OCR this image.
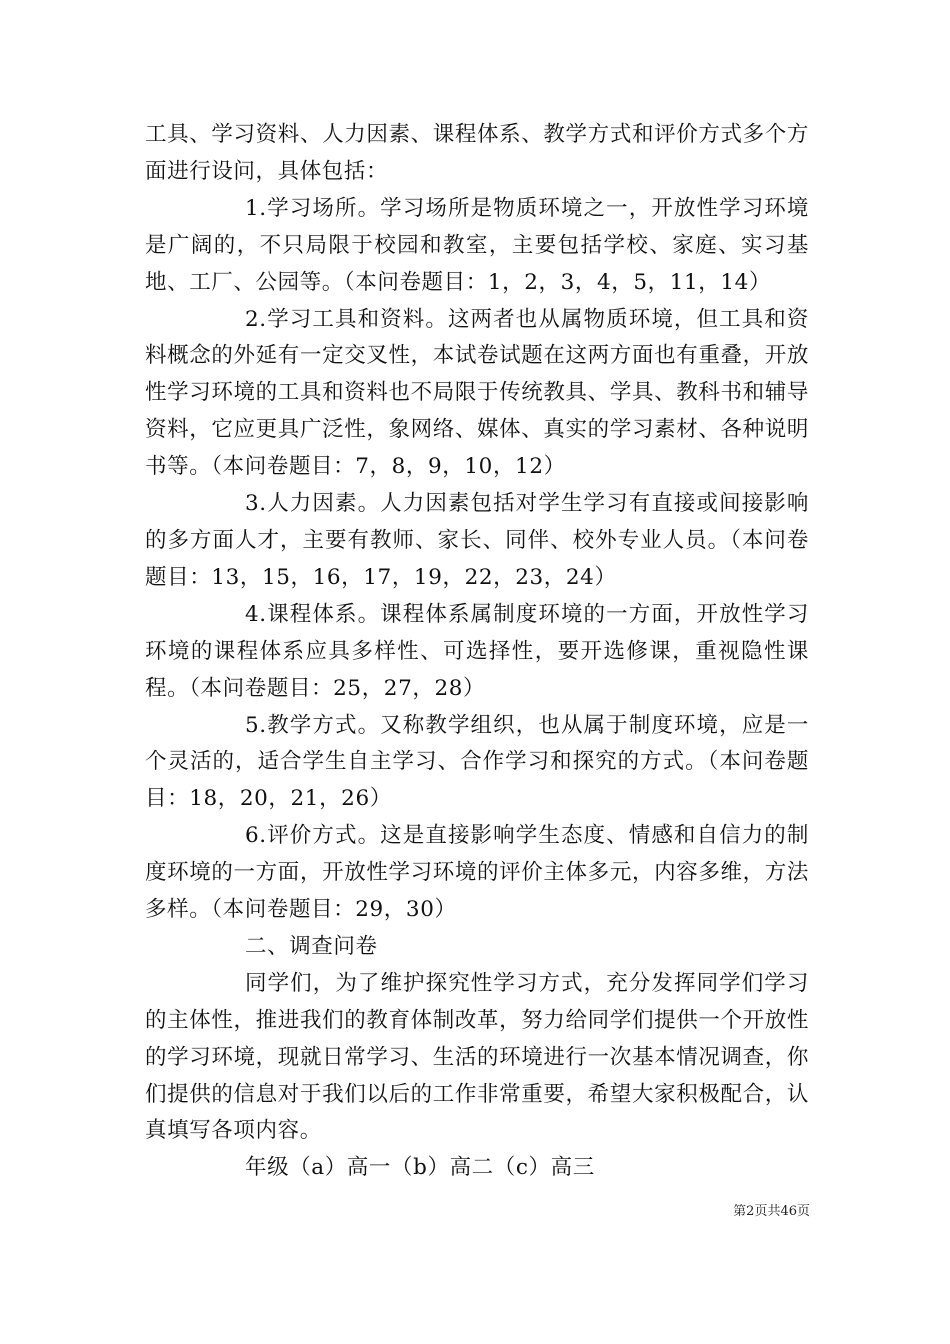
工具、学习资料、人力因素、课程体系、教学方式和评价方式多个方面进行设问，具体包括：

1.学习场所。学习场所是物质环境之一，开放性学习环境是广阔的，不只局限于校园和教室，主要包括学校、家庭、实习基地、工厂、公园等。（本问卷题目：1，2，3，4，5，11，14）

2.学习工具和资料。这两者也从属物质环境，但工具和资料概念的外延有一定交叉性，本试卷试题在这两方面也有重叠，开放性学习环境的工具和资料也不局限于传统教具、学具、教科书和辅导资料，它应更具广泛性，象网络、媒体、真实的学习素材、各种说明书等。（本问卷题目：7，8，9，10，12）

3.人力因素。人力因素包括对学生学习有直接或间接影响的多方面人才，主要有教师、家长、同伴、校外专业人员。（本问卷题目：13，15，16，17，19，22，23，24）

4.课程体系。课程体系属制度环境的一方面，开放性学习环境的课程体系应具多样性、可选择性，要开选修课，重视隐性课程。（本问卷题目：25，27，28）

5.教学方式。又称教学组织，也从属于制度环境，应是一个灵活的，适合学生自主学习、合作学习和探究的方式。（本问卷题目：18，20，21，26）

6.评价方式。这是直接影响学生态度、情感和自信力的制度环境的一方面，开放性学习环境的评价主体多元，内容多维，方法多样。（本问卷题目：29，30）

二、调查问卷

同学们，为了维护探究性学习方式，充分发挥同学们学习的主体性，推进我们的教育体制改革，努力给同学们提供一个开放性的学习环境，现就日常学习、生活的环境进行一次基本情况调查，你们提供的信息对于我们以后的工作非常重要，希望大家积极配合，认真填写各项内容。

年级（a）高一（b）高二（c）高三

第2页共46页
